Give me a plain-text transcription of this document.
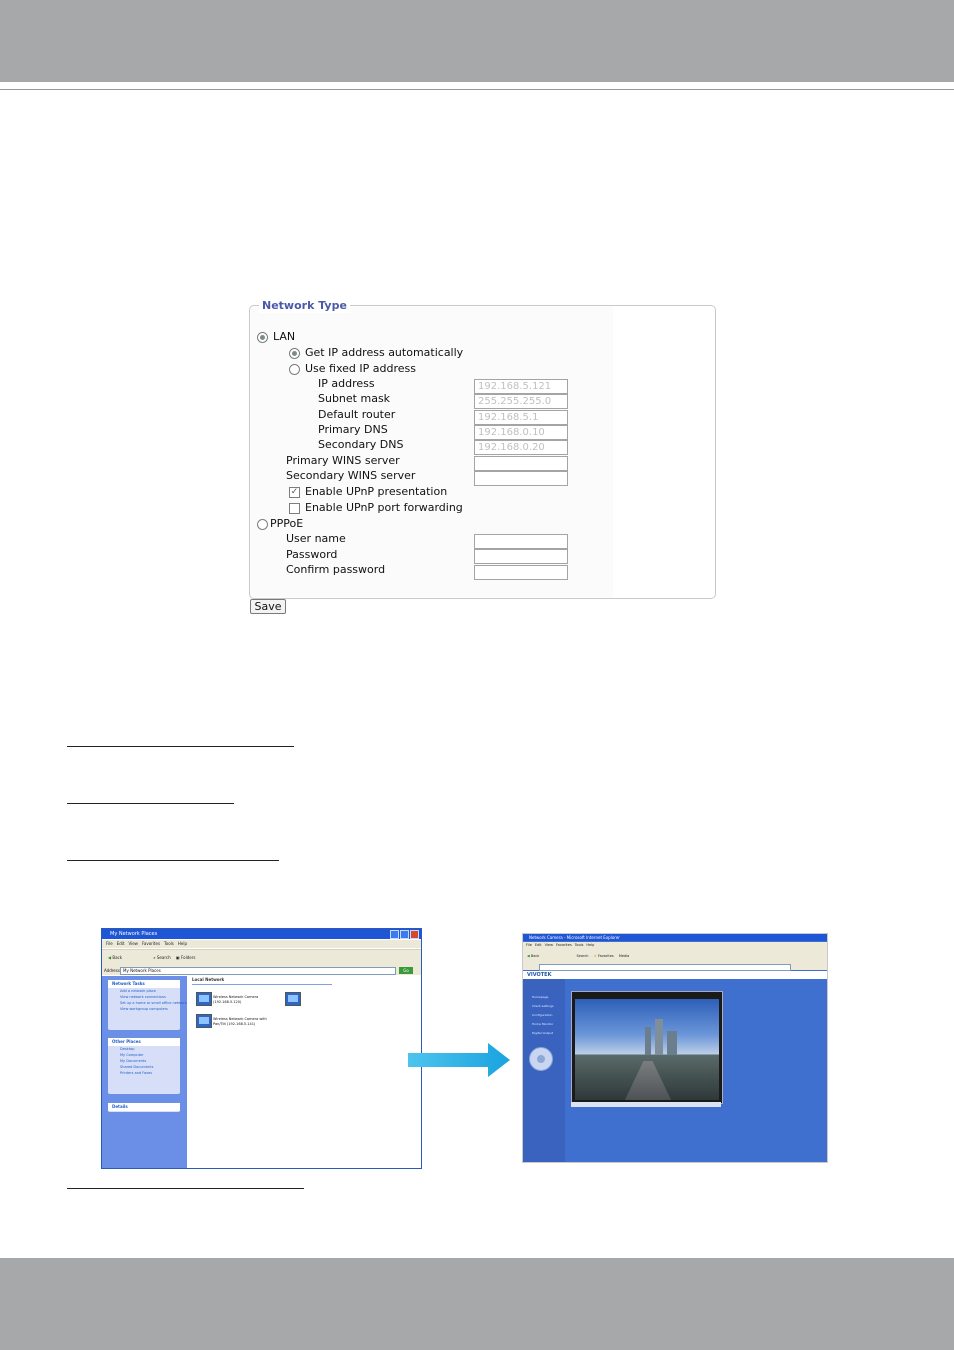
Network Type
LAN
Get IP address automatically
Use fixed IP address
IP address	192.168.5.121
Subnet mask	255.255.255.0
Default router	192.168.5.1
Primary DNS	192.168.0.10
Secondary DNS	192.168.0.20
Primary WINS server
Secondary WINS server
✓ Enable UPnP presentation
Enable UPnP port forwarding
PPPoE
User name
Password
Confirm password
Save
My Network Places
File Edit View Favorites Tools Help
◀ Back	⌕ Search ▣ Folders
Address My Network Places	Go
Network Tasks
Add a network place
View network connections
Set up a home or small office network
View workgroup computers
Other Places
Desktop
My Computer
My Documents
Shared Documents
Printers and Faxes
Details
Local Network
Wireless Network Camera
(192.168.5.120)
Wireless Network Camera with
Pan/Tilt (192.168.5.141)
Network Camera - Microsoft Internet Explorer
File Edit View Favorites Tools Help
◀ Back	Search ★ Favorites Media
VIVOTEK
Homepage
Client settings
Configuration
Home Monitor
Digital Output
